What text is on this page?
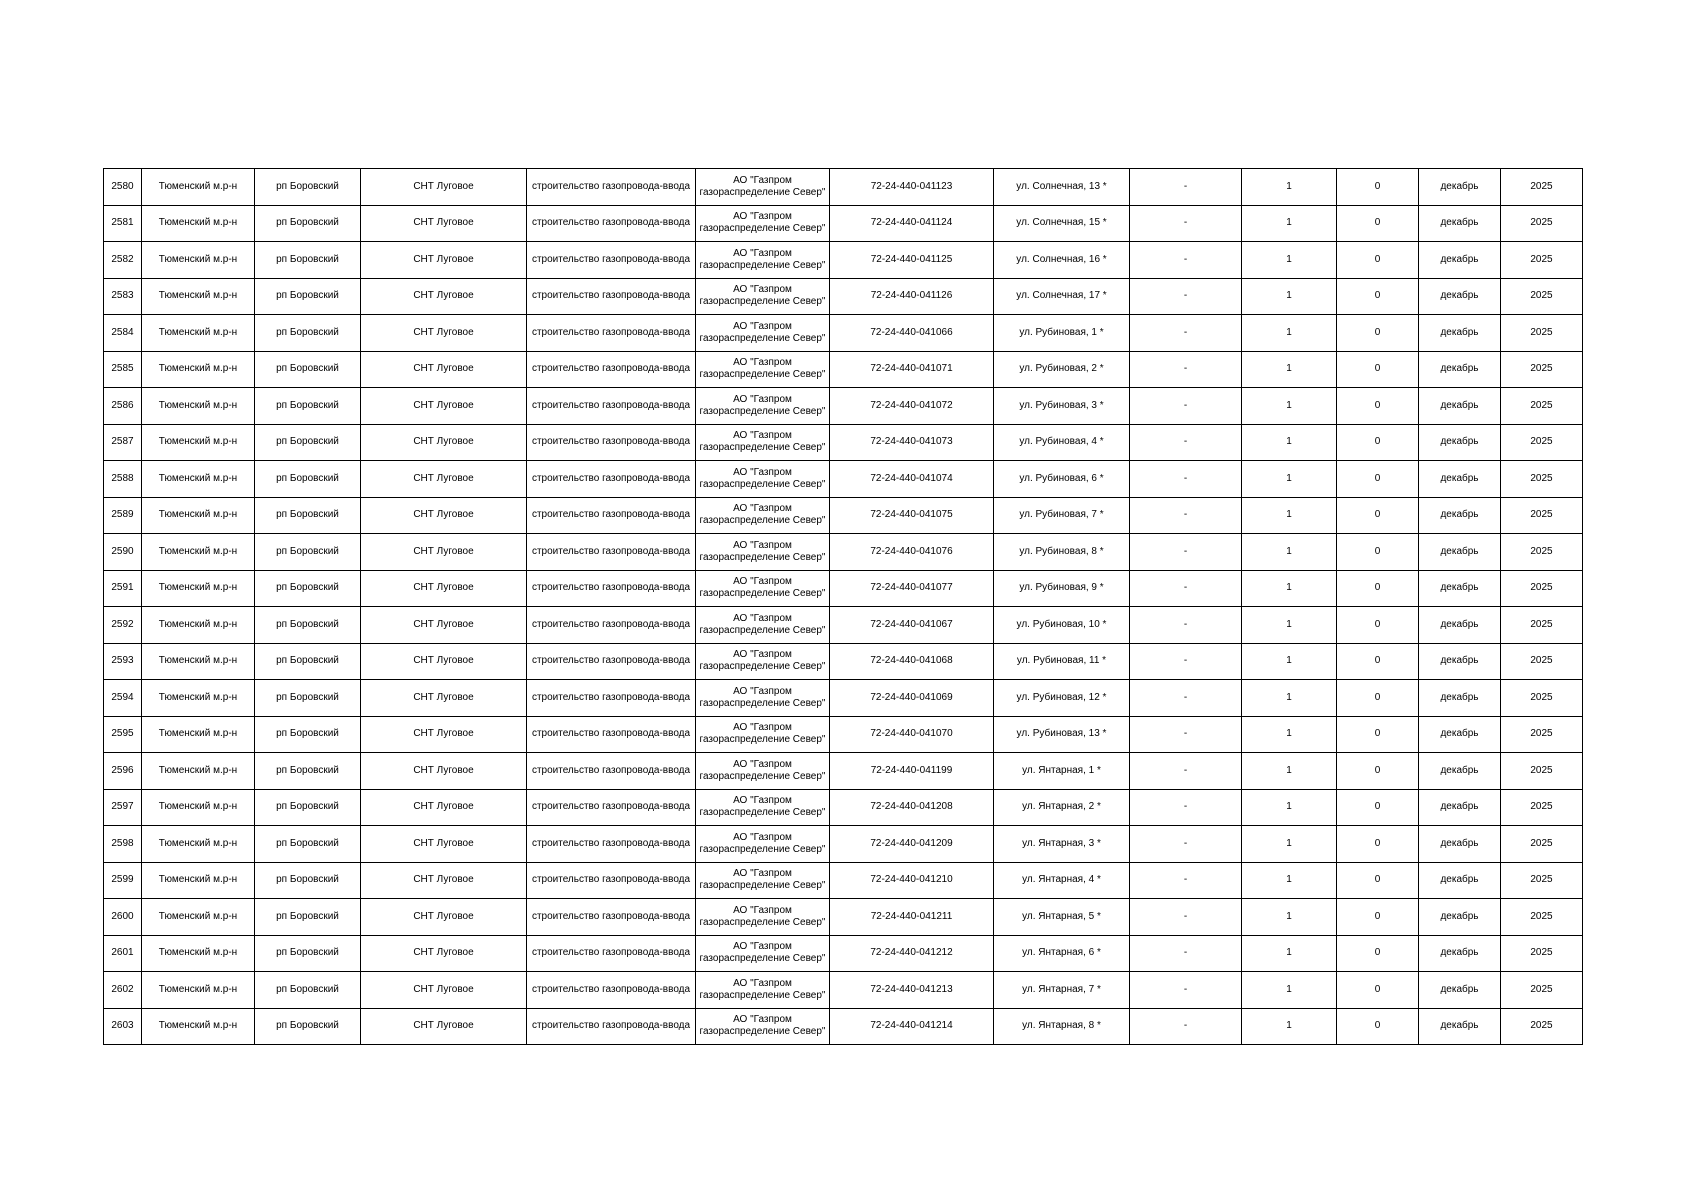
2580	Тюменский м.р-н	рп Боровский	СНТ Луговое	строительство газопровода-ввода	АО "Газпром газораспределение Север"	72-24-440-041123	ул. Солнечная, 13 *	-	1	0	декабрь	2025
2581	Тюменский м.р-н	рп Боровский	СНТ Луговое	строительство газопровода-ввода	АО "Газпром газораспределение Север"	72-24-440-041124	ул. Солнечная, 15 *	-	1	0	декабрь	2025
2582	Тюменский м.р-н	рп Боровский	СНТ Луговое	строительство газопровода-ввода	АО "Газпром газораспределение Север"	72-24-440-041125	ул. Солнечная, 16 *	-	1	0	декабрь	2025
2583	Тюменский м.р-н	рп Боровский	СНТ Луговое	строительство газопровода-ввода	АО "Газпром газораспределение Север"	72-24-440-041126	ул. Солнечная, 17 *	-	1	0	декабрь	2025
2584	Тюменский м.р-н	рп Боровский	СНТ Луговое	строительство газопровода-ввода	АО "Газпром газораспределение Север"	72-24-440-041066	ул. Рубиновая, 1 *	-	1	0	декабрь	2025
2585	Тюменский м.р-н	рп Боровский	СНТ Луговое	строительство газопровода-ввода	АО "Газпром газораспределение Север"	72-24-440-041071	ул. Рубиновая, 2 *	-	1	0	декабрь	2025
2586	Тюменский м.р-н	рп Боровский	СНТ Луговое	строительство газопровода-ввода	АО "Газпром газораспределение Север"	72-24-440-041072	ул. Рубиновая, 3 *	-	1	0	декабрь	2025
2587	Тюменский м.р-н	рп Боровский	СНТ Луговое	строительство газопровода-ввода	АО "Газпром газораспределение Север"	72-24-440-041073	ул. Рубиновая, 4 *	-	1	0	декабрь	2025
2588	Тюменский м.р-н	рп Боровский	СНТ Луговое	строительство газопровода-ввода	АО "Газпром газораспределение Север"	72-24-440-041074	ул. Рубиновая, 6 *	-	1	0	декабрь	2025
2589	Тюменский м.р-н	рп Боровский	СНТ Луговое	строительство газопровода-ввода	АО "Газпром газораспределение Север"	72-24-440-041075	ул. Рубиновая, 7 *	-	1	0	декабрь	2025
2590	Тюменский м.р-н	рп Боровский	СНТ Луговое	строительство газопровода-ввода	АО "Газпром газораспределение Север"	72-24-440-041076	ул. Рубиновая, 8 *	-	1	0	декабрь	2025
2591	Тюменский м.р-н	рп Боровский	СНТ Луговое	строительство газопровода-ввода	АО "Газпром газораспределение Север"	72-24-440-041077	ул. Рубиновая, 9 *	-	1	0	декабрь	2025
2592	Тюменский м.р-н	рп Боровский	СНТ Луговое	строительство газопровода-ввода	АО "Газпром газораспределение Север"	72-24-440-041067	ул. Рубиновая, 10 *	-	1	0	декабрь	2025
2593	Тюменский м.р-н	рп Боровский	СНТ Луговое	строительство газопровода-ввода	АО "Газпром газораспределение Север"	72-24-440-041068	ул. Рубиновая, 11 *	-	1	0	декабрь	2025
2594	Тюменский м.р-н	рп Боровский	СНТ Луговое	строительство газопровода-ввода	АО "Газпром газораспределение Север"	72-24-440-041069	ул. Рубиновая, 12 *	-	1	0	декабрь	2025
2595	Тюменский м.р-н	рп Боровский	СНТ Луговое	строительство газопровода-ввода	АО "Газпром газораспределение Север"	72-24-440-041070	ул. Рубиновая, 13 *	-	1	0	декабрь	2025
2596	Тюменский м.р-н	рп Боровский	СНТ Луговое	строительство газопровода-ввода	АО "Газпром газораспределение Север"	72-24-440-041199	ул. Янтарная, 1 *	-	1	0	декабрь	2025
2597	Тюменский м.р-н	рп Боровский	СНТ Луговое	строительство газопровода-ввода	АО "Газпром газораспределение Север"	72-24-440-041208	ул. Янтарная, 2 *	-	1	0	декабрь	2025
2598	Тюменский м.р-н	рп Боровский	СНТ Луговое	строительство газопровода-ввода	АО "Газпром газораспределение Север"	72-24-440-041209	ул. Янтарная, 3 *	-	1	0	декабрь	2025
2599	Тюменский м.р-н	рп Боровский	СНТ Луговое	строительство газопровода-ввода	АО "Газпром газораспределение Север"	72-24-440-041210	ул. Янтарная, 4 *	-	1	0	декабрь	2025
2600	Тюменский м.р-н	рп Боровский	СНТ Луговое	строительство газопровода-ввода	АО "Газпром газораспределение Север"	72-24-440-041211	ул. Янтарная, 5 *	-	1	0	декабрь	2025
2601	Тюменский м.р-н	рп Боровский	СНТ Луговое	строительство газопровода-ввода	АО "Газпром газораспределение Север"	72-24-440-041212	ул. Янтарная, 6 *	-	1	0	декабрь	2025
2602	Тюменский м.р-н	рп Боровский	СНТ Луговое	строительство газопровода-ввода	АО "Газпром газораспределение Север"	72-24-440-041213	ул. Янтарная, 7 *	-	1	0	декабрь	2025
2603	Тюменский м.р-н	рп Боровский	СНТ Луговое	строительство газопровода-ввода	АО "Газпром газораспределение Север"	72-24-440-041214	ул. Янтарная, 8 *	-	1	0	декабрь	2025
